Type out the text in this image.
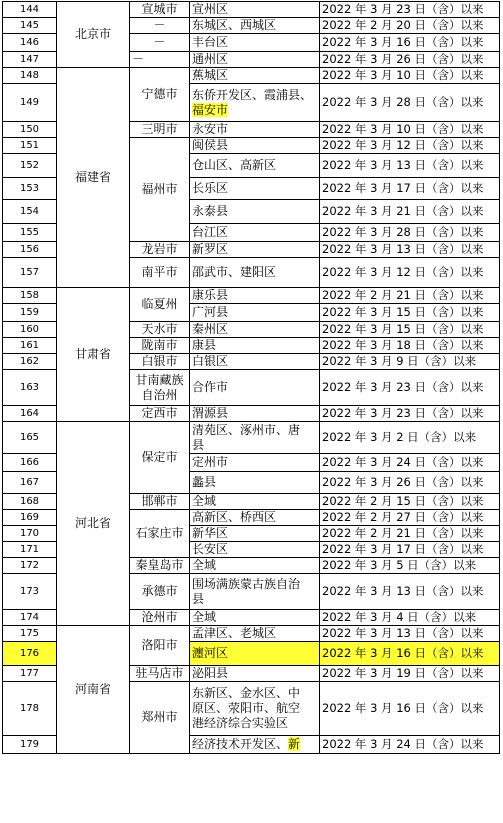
144	北京市	宣城市	宣州区	2022 年 3 月 23 日（含）以来
145		－	东城区、西城区	2022 年 2 月 20 日（含）以来
146		－	丰台区	2022 年 3 月 16 日（含）以来
147		－	通州区	2022 年 3 月 26 日（含）以来
148	福建省	宁德市	蕉城区	2022 年 3 月 10 日（含）以来
149			东侨开发区、霞浦县、
福安市	2022 年 3 月 28 日（含）以来
150		三明市	永安市	2022 年 3 月 10 日（含）以来
151		福州市	闽侯县	2022 年 3 月 12 日（含）以来
152			仓山区、高新区	2022 年 3 月 13 日（含）以来
153			长乐区	2022 年 3 月 17 日（含）以来
154			永泰县	2022 年 3 月 21 日（含）以来
155			台江区	2022 年 3 月 28 日（含）以来
156		龙岩市	新罗区	2022 年 3 月 13 日（含）以来
157		南平市	邵武市、建阳区	2022 年 3 月 12 日（含）以来
158	甘肃省	临夏州	康乐县	2022 年 2 月 21 日（含）以来
159			广河县	2022 年 3 月 15 日（含）以来
160		天水市	秦州区	2022 年 3 月 15 日（含）以来
161		陇南市	康县	2022 年 3 月 18 日（含）以来
162		白银市	白银区	2022 年 3 月 9 日（含）以来
163		甘南藏族
自治州	合作市	2022 年 3 月 23 日（含）以来
164		定西市	渭源县	2022 年 3 月 23 日（含）以来
165	河北省	保定市	清苑区、涿州市、唐
县	2022 年 3 月 2 日（含）以来
166			定州市	2022 年 3 月 24 日（含）以来
167			蠡县	2022 年 3 月 26 日（含）以来
168		邯郸市	全域	2022 年 2 月 15 日（含）以来
169		石家庄市	高新区、桥西区	2022 年 2 月 27 日（含）以来
170			新华区	2022 年 2 月 21 日（含）以来
171			长安区	2022 年 3 月 17 日（含）以来
172		秦皇岛市	全域	2022 年 3 月 5 日（含）以来
173		承德市	围场满族蒙古族自治
县	2022 年 3 月 13 日（含）以来
174		沧州市	全域	2022 年 3 月 4 日（含）以来
175	河南省	洛阳市	孟津区、老城区	2022 年 3 月 13 日（含）以来
176			瀍河区	2022 年 3 月 16 日（含）以来
177		驻马店市	泌阳县	2022 年 3 月 19 日（含）以来
178		郑州市	东新区、金水区、中
原区、荥阳市、航空
港经济综合实验区	2022 年 3 月 16 日（含）以来
179			经济技术开发区、新	2022 年 3 月 24 日（含）以来
